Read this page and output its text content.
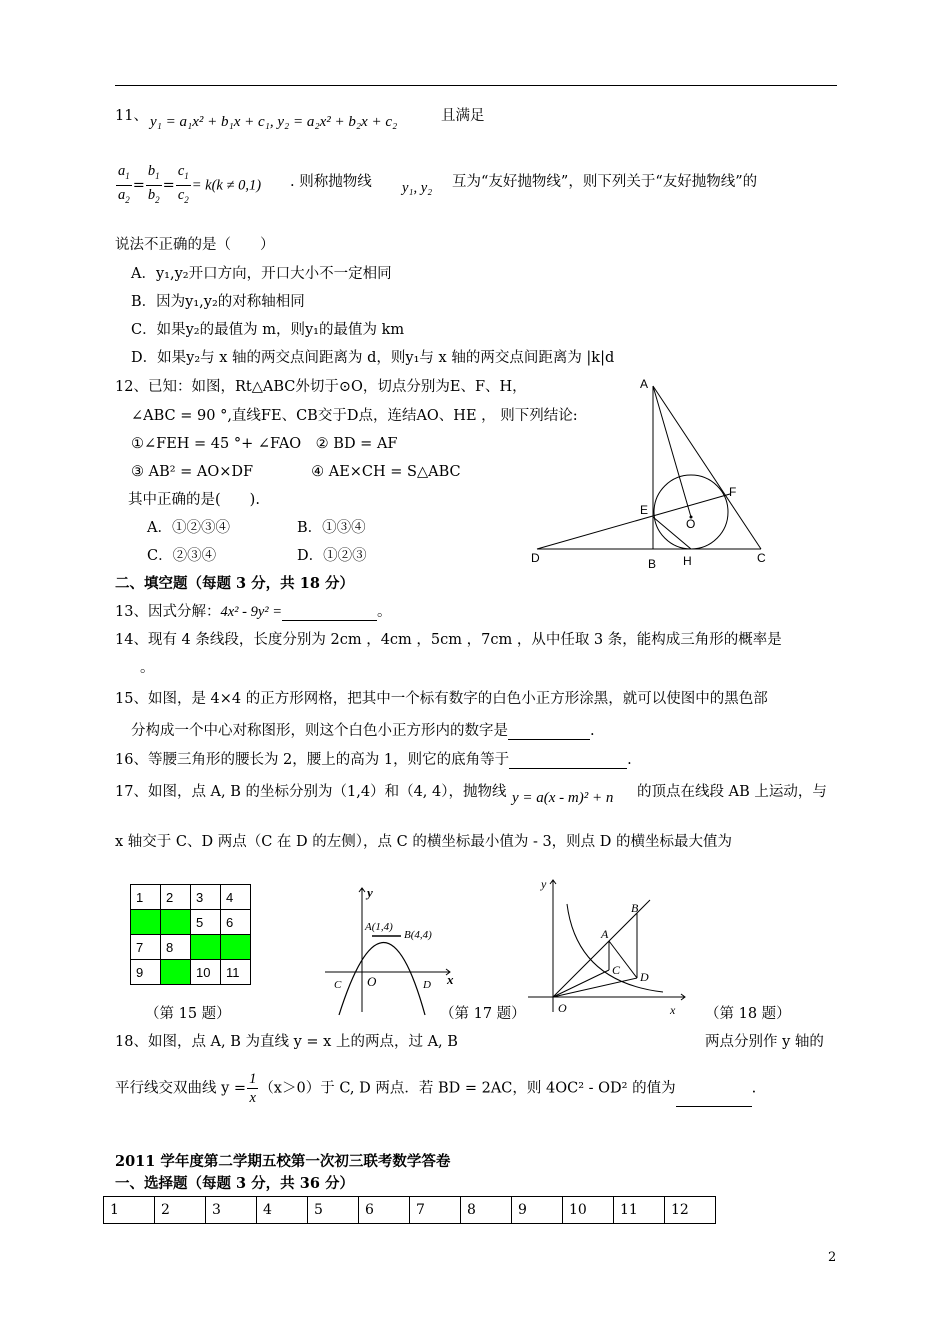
11、 y₁ = a₁x² + b₁x + c₁, y₂ = a₂x² + b₂x + c₂	且满足
$\frac{a_1}{a_2} = \frac{b_1}{b_2} = \frac{c_1}{c_2} = k(k \ne 0,1)$ . 则称抛物线 y₁, y₂ 互为“友好抛物线”，则下列关于“友好抛物线”的
说法不正确的是（　　）
A．y₁,y₂开口方向，开口大小不一定相同
B．因为y₁,y₂的对称轴相同
C．如果y₂的最值为 m，则y₁的最值为 km
D．如果y₂与 x 轴的两交点间距离为 d，则y₁与 x 轴的两交点间距离为 |k|d
12、已知：如图，Rt△ABC外切于⊙O，切点分别为E、F、H，
∠ABC = 90 °,直线FE、CB交于D点，连结AO、HE ， 则下列结论:
①∠FEH = 45 °+ ∠FAO　② BD = AF
③ AB² = AO×DF　　　　④ AE×CH = S△ABC
其中正确的是(　　).
A．①②③④	B．①③④
C．②③④	D．①②③
A
B	C
D
E
F
H
O
二、填空题（每题 3 分，共 18 分）
13、因式分解：4x² - 9y² =	。
14、现有 4 条线段，长度分别为 2cm ，4cm ，5cm ，7cm ，从中任取 3 条，能构成三角形的概率是
。
15、如图，是 4×4 的正方形网格，把其中一个标有数字的白色小正方形涂黑，就可以使图中的黑色部
分构成一个中心对称图形，则这个白色小正方形内的数字是	.
16、等腰三角形的腰长为 2，腰上的高为 1，则它的底角等于	.
17、如图，点 A, B 的坐标分别为（1,4）和（4, 4），抛物线 y = a(x - m)² + n 的顶点在线段 AB 上运动，与
x 轴交于 C、D 两点（C 在 D 的左侧），点 C 的横坐标最小值为 - 3，则点 D 的横坐标最大值为
1	2	3	4
		5	6
7	8		
9		10	11
（第 15 题）
y
x
A(1,4)
B(4,4)
C O	D
（第 17 题）
y
x
A
B
C D
O	（第 18 题）
18、如图，点 A, B 为直线 y = x 上的两点，过 A, B	两点分别作 y 轴的
平行线交双曲线 $y = \frac{1}{x} (x>0)$于 C, D 两点．若 BD = 2AC，则 4OC² - OD² 的值为	.
2011 学年度第二学期五校第一次初三联考数学答卷
一、选择题（每题 3 分，共 36 分）
1	2	3	4	5	6	7	8	9	10	11	12
2
